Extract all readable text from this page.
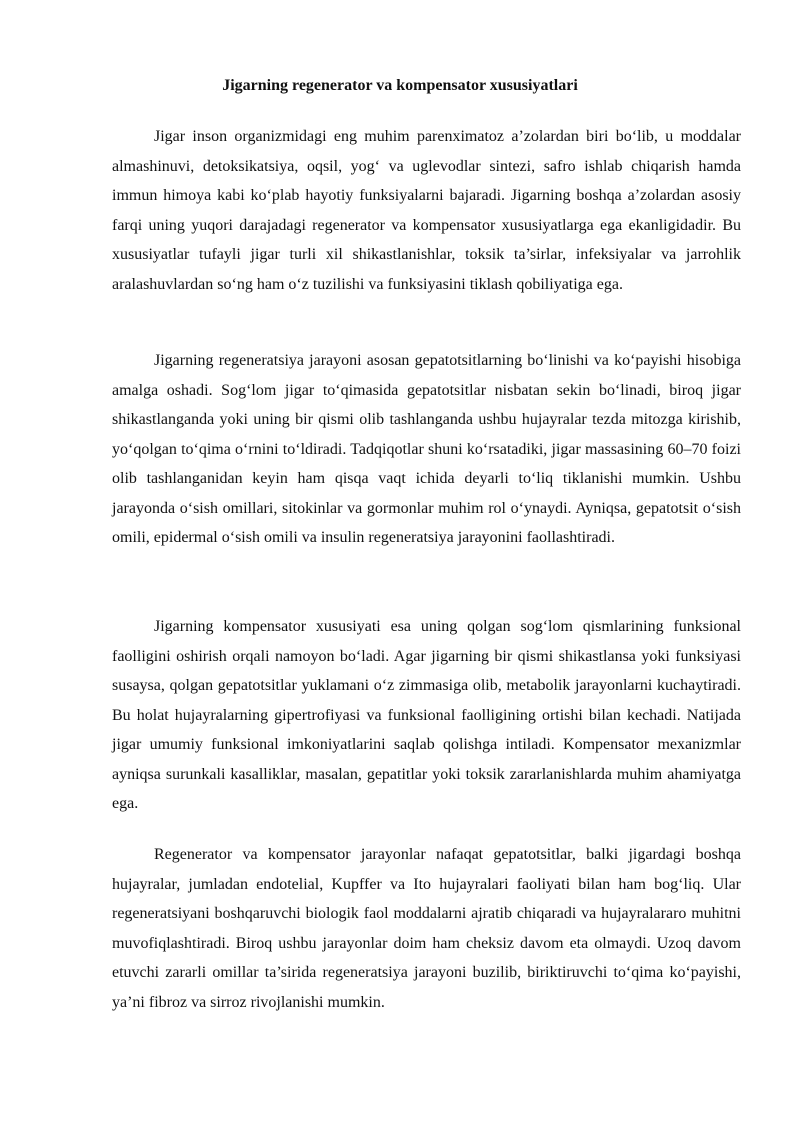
Jigarning regenerator va kompensator xususiyatlari

Jigar inson organizmidagi eng muhim parenximatoz a’zolardan biri bo‘lib, u moddalar almashinuvi, detoksikatsiya, oqsil, yog‘ va uglevodlar sintezi, safro ishlab chiqarish hamda immun himoya kabi ko‘plab hayotiy funksiyalarni bajaradi. Jigarning boshqa a’zolardan asosiy farqi uning yuqori darajadagi regenerator va kompensator xususiyatlarga ega ekanligidadir. Bu xususiyatlar tufayli jigar turli xil shikastlanishlar, toksik ta’sirlar, infeksiyalar va jarrohlik aralashuvlardan so‘ng ham o‘z tuzilishi va funksiyasini tiklash qobiliyatiga ega.

Jigarning regeneratsiya jarayoni asosan gepatotsitlarning bo‘linishi va ko‘payishi hisobiga amalga oshadi. Sog‘lom jigar to‘qimasida gepatotsitlar nisbatan sekin bo‘linadi, biroq jigar shikastlanganda yoki uning bir qismi olib tashlanganda ushbu hujayralar tezda mitozga kirishib, yo‘qolgan to‘qima o‘rnini to‘ldiradi. Tadqiqotlar shuni ko‘rsatadiki, jigar massasining 60–70 foizi olib tashlanganidan keyin ham qisqa vaqt ichida deyarli to‘liq tiklanishi mumkin. Ushbu jarayonda o‘sish omillari, sitokinlar va gormonlar muhim rol o‘ynaydi. Ayniqsa, gepatotsit o‘sish omili, epidermal o‘sish omili va insulin regeneratsiya jarayonini faollashtiradi.

Jigarning kompensator xususiyati esa uning qolgan sog‘lom qismlarining funksional faolligini oshirish orqali namoyon bo‘ladi. Agar jigarning bir qismi shikastlansa yoki funksiyasi susaysa, qolgan gepatotsitlar yuklamani o‘z zimmasiga olib, metabolik jarayonlarni kuchaytiradi. Bu holat hujayralarning gipertrofiyasi va funksional faolligining ortishi bilan kechadi. Natijada jigar umumiy funksional imkoniyatlarini saqlab qolishga intiladi. Kompensator mexanizmlar ayniqsa surunkali kasalliklar, masalan, gepatitlar yoki toksik zararlanishlarda muhim ahamiyatga ega.

Regenerator va kompensator jarayonlar nafaqat gepatotsitlar, balki jigardagi boshqa hujayralar, jumladan endotelial, Kupffer va Ito hujayralari faoliyati bilan ham bog‘liq. Ular regeneratsiyani boshqaruvchi biologik faol moddalarni ajratib chiqaradi va hujayralararo muhitni muvofiqlashtiradi. Biroq ushbu jarayonlar doim ham cheksiz davom eta olmaydi. Uzoq davom etuvchi zararli omillar ta’sirida regeneratsiya jarayoni buzilib, biriktiruvchi to‘qima ko‘payishi, ya’ni fibroz va sirroz rivojlanishi mumkin.
